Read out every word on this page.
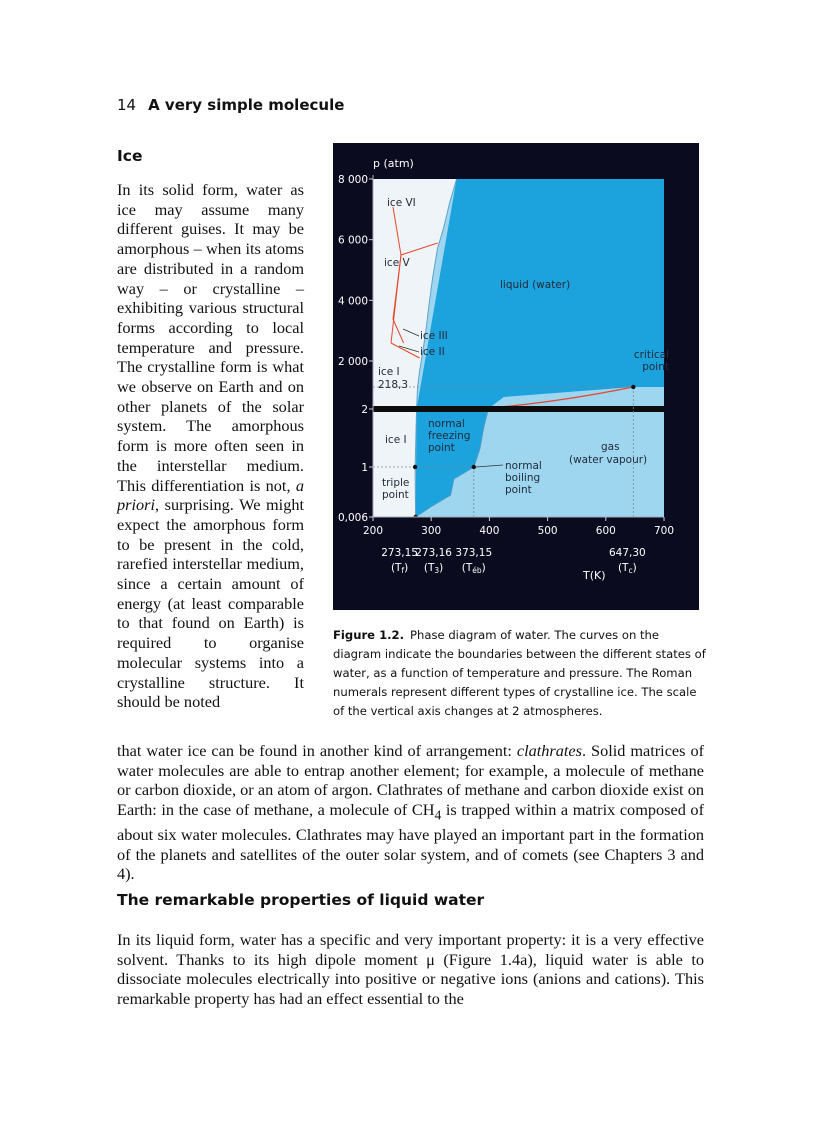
14 A very simple molecule
Ice

In its solid form, water as ice may assume many different guises. It may be amorphous – when its atoms are distributed in a random way – or crystalline – exhibiting various structural forms according to local temperature and pressure. The crystalline form is what we observe on Earth and on other planets of the solar system. The amorphous form is more often seen in the interstellar medium. This differentiation is not, a priori, surprising. We might expect the amorphous form to be present in the cold, rarefied interstellar medium, since a certain amount of energy (at least comparable to that found on Earth) is required to organise molecular systems into a crystalline structure. It should be noted

p (atm)
8 000
6 000
4 000
2 000
2
1
0,006
200	300	400	500	600	700
273,15
(Tf)
273,16
(T3)
373,15
(Téb)
647,30
(Tc)
T(K)
ice VI
ice V
ice III
ice II
ice I
218,3
ice I
liquid (water)
gas
(water vapour)
critical
point
normal
freezing
point
normal
boiling
point
triple
point

Figure 1.2. Phase diagram of water. The curves on the diagram indicate the boundaries between the different states of water, as a function of temperature and pressure. The Roman numerals represent different types of crystalline ice. The scale of the vertical axis changes at 2 atmospheres.

that water ice can be found in another kind of arrangement: clathrates. Solid matrices of water molecules are able to entrap another element; for example, a molecule of methane or carbon dioxide, or an atom of argon. Clathrates of methane and carbon dioxide exist on Earth: in the case of methane, a molecule of $CH_4$ is trapped within a matrix composed of about six water molecules. Clathrates may have played an important part in the formation of the planets and satellites of the outer solar system, and of comets (see Chapters 3 and 4).

The remarkable properties of liquid water

In its liquid form, water has a specific and very important property: it is a very effective solvent. Thanks to its high dipole moment μ (Figure 1.4a), liquid water is able to dissociate molecules electrically into positive or negative ions (anions and cations). This remarkable property has had an effect essential to the
